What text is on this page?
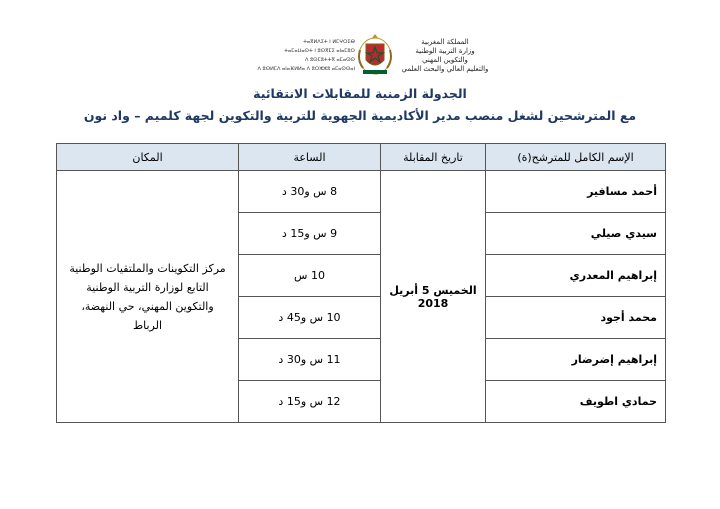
ⵜⴰⴳⵍⴷⵉⵜ ⵏ ⵍⵎⵖⵔⵉⴱ
ⵜⴰⵎⴰⵡⴰⵙⵜ ⵏ ⵓⵙⴳⵎⵉ ⴰⵏⴰⵎⵓⵔ
ⴷ ⵓⵙⵎⵓⵜⵜⴳ ⴰⵎⴰⵙⵙ
ⴷ ⵓⵙⵍⵎⴷ ⴰⵏⴰⴼⵍⵍⴰ ⴷ ⵓⵔⵣⵣⵓ ⴰⵎⴰⵙⵙⴰⵏ
المملكة المغربية
وزارة التربية الوطنية
والتكوين المهني
والتعليم العالي والبحث العلمي
الجدولة الزمنية للمقابلات الانتقائية
مع المترشحين لشغل منصب مدير الأكاديمية الجهوية للتربية والتكوين لجهة كلميم – واد نون
الإسم الكامل للمترشح(ة)	تاريخ المقابلة	الساعة	المكان
أحمد مسافير	الخميس 5 أبريل 2018	8 س و30 د	مركز التكوينات والملتقيات الوطنية التابع لوزارة التربية الوطنية والتكوين المهني، حي النهضة، الرباط
سيدي صيلي		9 س و15 د	
إبراهيم المعدري		10 س	
محمد أجود		10 س و45 د	
إبراهيم إضرضار		11 س و30 د	
حمادي اطويف		12 س و15 د	
